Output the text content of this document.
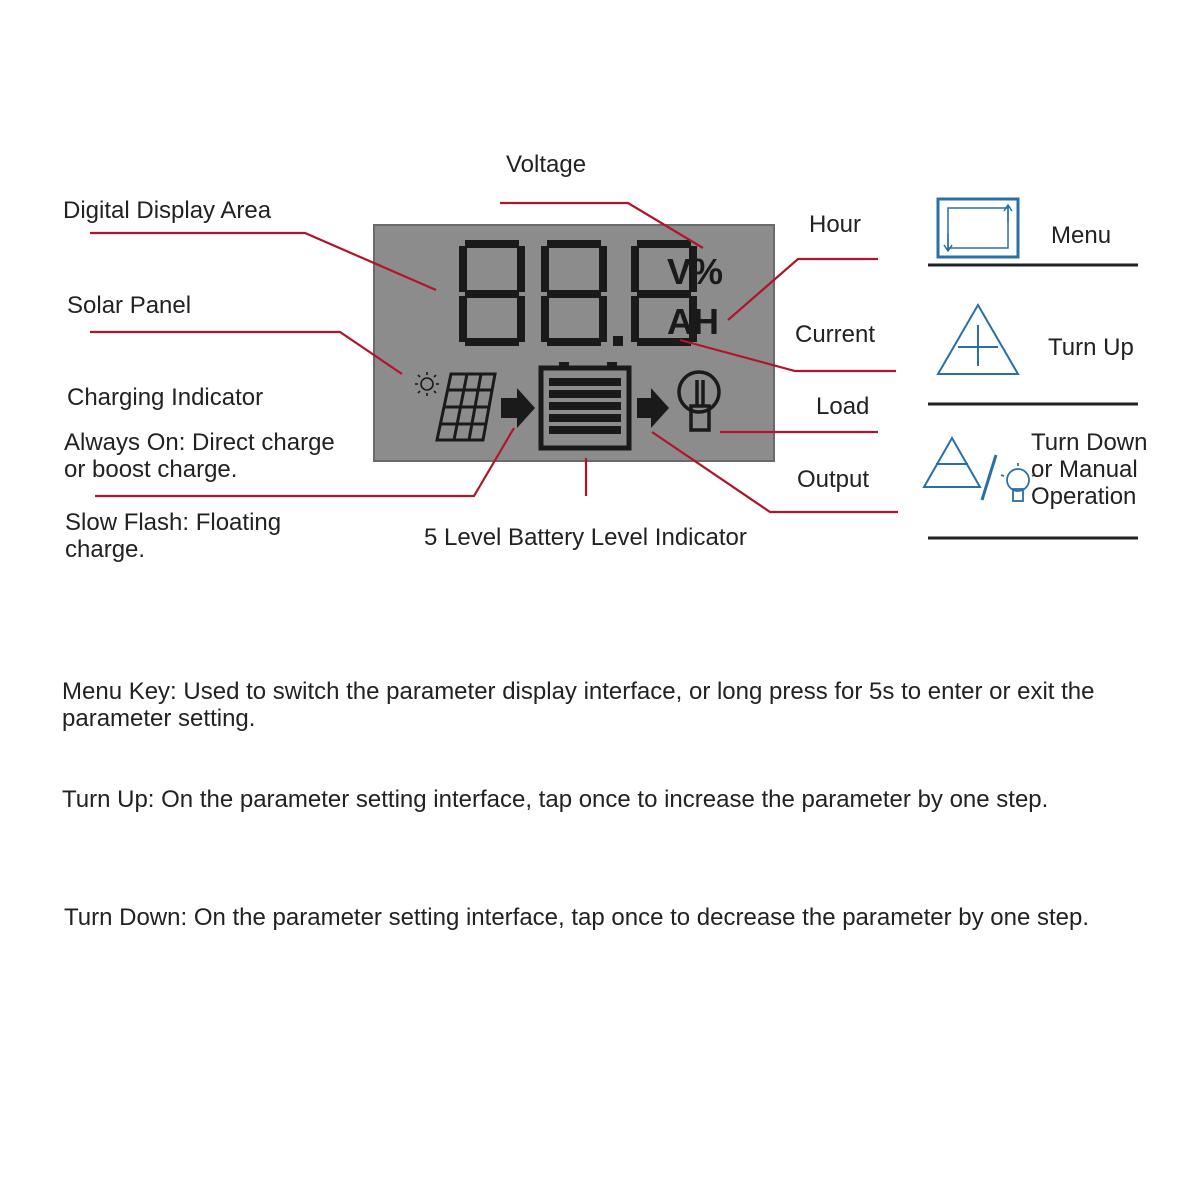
V%
AH
Voltage
Digital Display Area
Hour
Solar Panel
Current
Charging Indicator	Load
Always On: Direct charge
or boost charge.	Output
Slow Flash: Floating
charge.	5 Level Battery Level Indicator
Menu
Turn Up
Turn Down
or Manual
Operation
Menu Key: Used to switch the parameter display interface, or long press for 5s to enter or exit the parameter setting.
Turn Up: On the parameter setting interface, tap once to increase the parameter by one step.
Turn Down: On the parameter setting interface, tap once to decrease the parameter by one step.
